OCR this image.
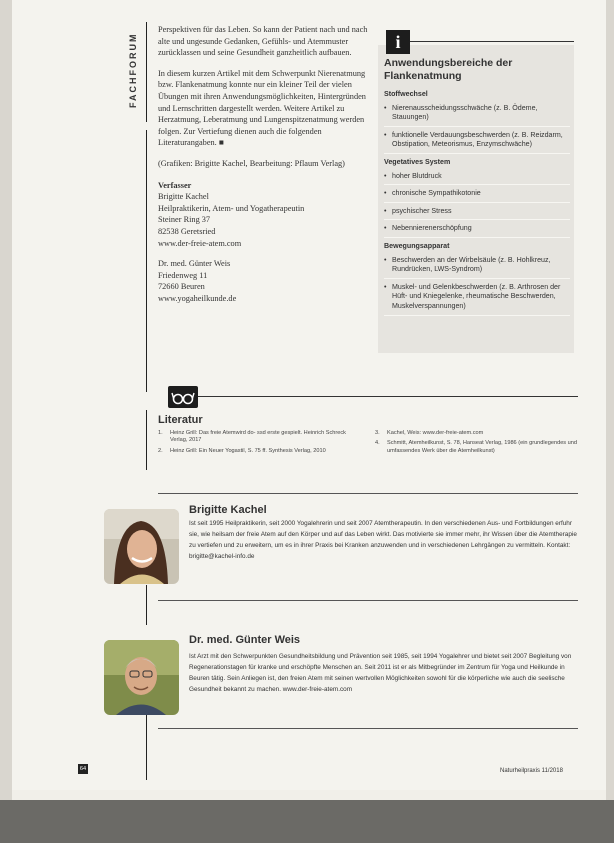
FACHFORUM

Perspektiven für das Leben. So kann der Patient nach und nach alte und ungesunde Gedanken, Gefühls- und Atemmuster zurücklassen und seine Gesundheit ganzheitlich aufbauen.

In diesem kurzen Artikel mit dem Schwerpunkt Nierenatmung bzw. Flankenatmung konnte nur ein kleiner Teil der vielen Übungen mit ihren Anwendungsmöglichkeiten, Hintergründen und Lernschritten dargestellt werden. Weitere Artikel zu Herzatmung, Leberatmung und Lungenspitzenatmung werden folgen. Zur Vertiefung dienen auch die folgenden Literaturangaben. ■

(Grafiken: Brigitte Kachel, Bearbeitung: Pflaum Verlag)

Verfasser
Brigitte Kachel
Heilpraktikerin, Atem- und Yogatherapeutin
Steiner Ring 37
82538 Geretsried
www.der-freie-atem.com
Dr. med. Günter Weis
Friedenweg 11
72660 Beuren
www.yogaheilkunde.de
i
Anwendungsbereiche der Flankenatmung
Stoffwechsel
• Nierenausscheidungsschwäche (z. B. Ödeme, Stauungen)
• funktionelle Verdauungsbeschwerden (z. B. Reizdarm, Obstipation, Meteorismus, Enzymschwäche)
Vegetatives System
• hoher Blutdruck
• chronische Sympathikotonie
• psychischer Stress
• Nebennierenerschöpfung
Bewegungsapparat
• Beschwerden an der Wirbelsäule (z. B. Hohlkreuz, Rundrücken, LWS-Syndrom)
• Muskel- und Gelenkbeschwerden (z. B. Arthrosen der Hüft- und Kniegelenke, rheumatische Beschwerden, Muskelverspannungen)
Literatur
1.	Heinz Grill: Das freie Atemwird do- ssd erste gespielt. Heinrich Schreck Verlag, 2017
2.	Heinz Grill: Ein Neuer Yogastil, S. 75 ff. Synthesis Verlag, 2010
3.	Kachel, Weis: www.der-freie-atem.com
4.	Schmitt, Atemheilkunst, S. 78, Hanseat Verlag, 1986 (ein grundlegendes und umfassendes Werk über die Atemheilkunst)
Brigitte Kachel
Ist seit 1995 Heilpraktikerin, seit 2000 Yogalehrerin und seit 2007 Atemtherapeutin. In den verschiedenen Aus- und Fortbildungen erfuhr sie, wie heilsam der freie Atem auf den Körper und auf das Leben wirkt. Das motivierte sie immer mehr, ihr Wissen über die Atemtherapie zu vertiefen und zu erweitern, um es in ihrer Praxis bei Kranken anzuwenden und in verschiedenen Lehrgängen zu vermitteln. Kontakt: brigitte@kachel-info.de
Dr. med. Günter Weis
Ist Arzt mit den Schwerpunkten Gesundheitsbildung und Prävention seit 1985, seit 1994 Yogalehrer und bietet seit 2007 Begleitung von Regenerationstagen für kranke und erschöpfte Menschen an. Seit 2011 ist er als Mitbegründer im Zentrum für Yoga und Heilkunde in Beuren tätig. Sein Anliegen ist, den freien Atem mit seinen wertvollen Möglichkeiten sowohl für die körperliche wie auch die seelische Gesundheit bekannt zu machen. www.der-freie-atem.com
64	Naturheilpraxis 11/2018
